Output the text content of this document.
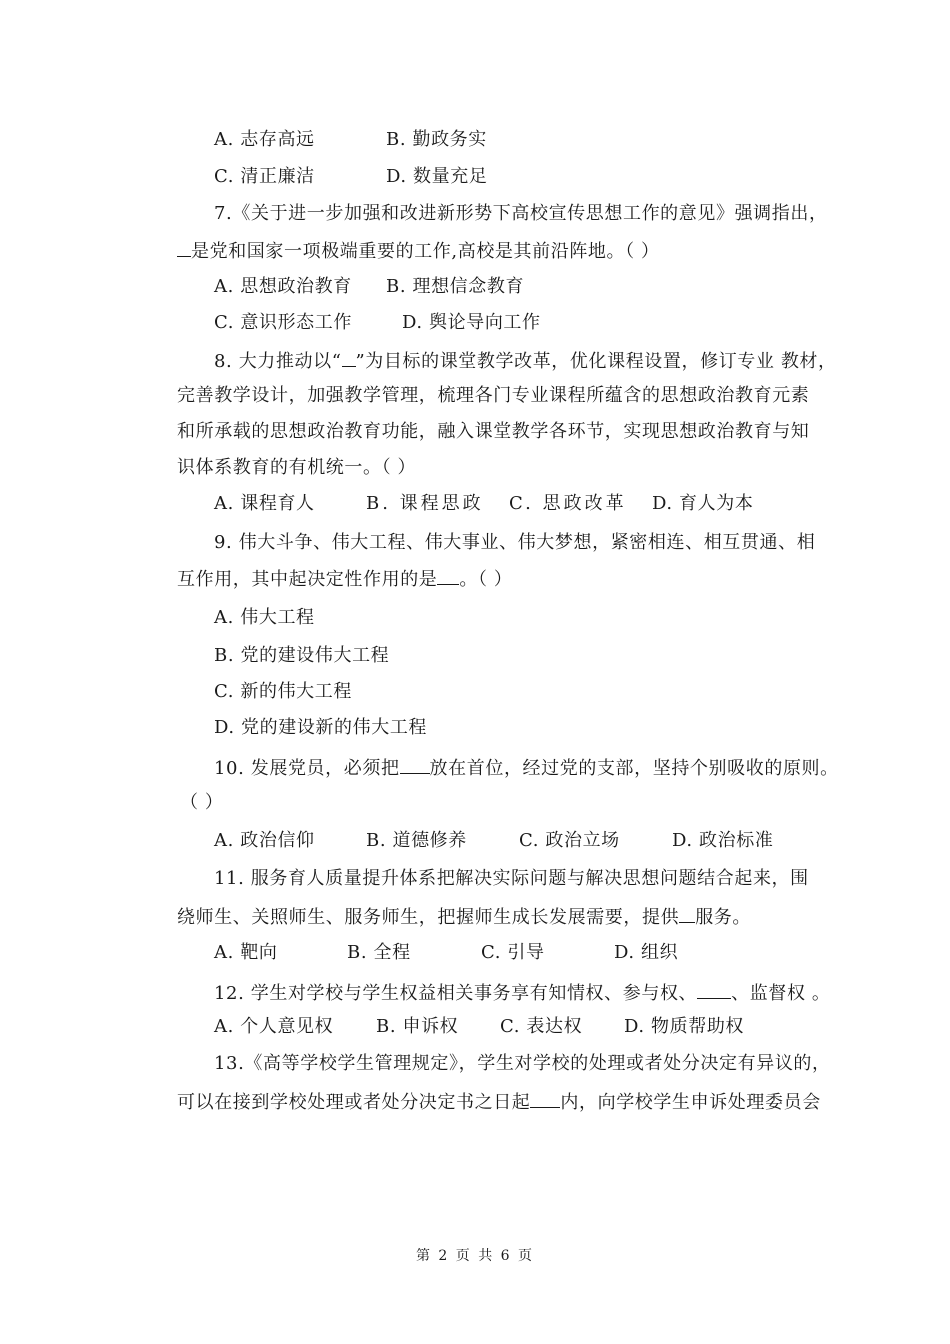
A. 志存高远	B. 勤政务实
C. 清正廉洁	D. 数量充足
7.《关于进一步加强和改进新形势下高校宣传思想工作的意见》强调指出，
是党和国家一项极端重要的工作,高校是其前沿阵地。（ ）
A. 思想政治教育 B. 理想信念教育
C. 意识形态工作	D. 舆论导向工作
8. 大力推动以“ ”为目标的课堂教学改革，优化课程设置，修订专业 教材，
完善教学设计，加强教学管理，梳理各门专业课程所蕴含的思想政治教育元素
和所承载的思想政治教育功能，融入课堂教学各环节，实现思想政治教育与知
识体系教育的有机统一。（ ）
A. 课程育人	B. 课程思政 C. 思政改革 D. 育人为本
9. 伟大斗争、伟大工程、伟大事业、伟大梦想，紧密相连、相互贯通、相
互作用，其中起决定性作用的是 。（ ）
A. 伟大工程
B. 党的建设伟大工程
C. 新的伟大工程
D. 党的建设新的伟大工程
10. 发展党员，必须把 放在首位，经过党的支部，坚持个别吸收的原则。
（ ）
A. 政治信仰	B. 道德修养	C. 政治立场	D. 政治标准
11. 服务育人质量提升体系把解决实际问题与解决思想问题结合起来，围
绕师生、关照师生、服务师生，把握师生成长发展需要，提供 服务。
A. 靶向	B. 全程	C. 引导	D. 组织
12. 学生对学校与学生权益相关事务享有知情权、参与权、 、监督权 。
A. 个人意见权 B. 申诉权 C. 表达权 D. 物质帮助权
13.《高等学校学生管理规定》，学生对学校的处理或者处分决定有异议的，
可以在接到学校处理或者处分决定书之日起 内，向学校学生申诉处理委员会
第 2 页 共 6 页
